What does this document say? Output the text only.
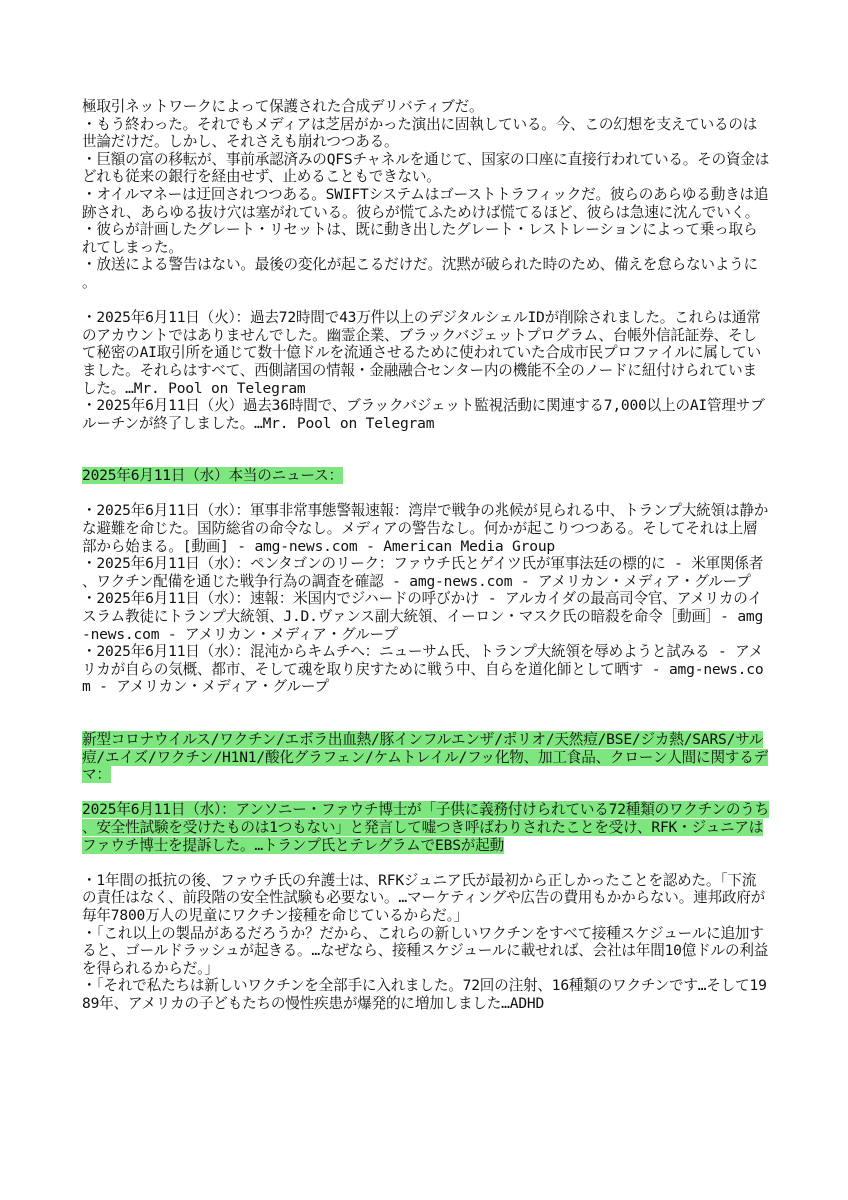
極取引ネットワークによって保護された合成デリバティブだ。

・もう終わった。それでもメディアは芝居がかった演出に固執している。今、この幻想を支えているのは世論だけだ。しかし、それさえも崩れつつある。

・巨額の富の移転が、事前承認済みのQFSチャネルを通じて、国家の口座に直接行われている。その資金はどれも従来の銀行を経由せず、止めることもできない。

・オイルマネーは迂回されつつある。SWIFTシステムはゴーストトラフィックだ。彼らのあらゆる動きは追跡され、あらゆる抜け穴は塞がれている。彼らが慌てふためけば慌てるほど、彼らは急速に沈んでいく。

・彼らが計画したグレート・リセットは、既に動き出したグレート・レストレーションによって乗っ取られてしまった。

・放送による警告はない。最後の変化が起こるだけだ。沈黙が破られた時のため、備えを怠らないように。

・2025年6月11日（火）：過去72時間で43万件以上のデジタルシェルIDが削除されました。これらは通常のアカウントではありませんでした。幽霊企業、ブラックバジェットプログラム、台帳外信託証券、そして秘密のAI取引所を通じて数十億ドルを流通させるために使われていた合成市民プロファイルに属していました。それらはすべて、西側諸国の情報・金融融合センター内の機能不全のノードに紐付けられていました。…Mr. Pool on Telegram

・2025年6月11日（火）過去36時間で、ブラックバジェット監視活動に関連する7,000以上のAI管理サブルーチンが終了しました。…Mr. Pool on Telegram

2025年6月11日（水）本当のニュース：

・2025年6月11日（水）：軍事非常事態警報速報：湾岸で戦争の兆候が見られる中、トランプ大統領は静かな避難を命じた。国防総省の命令なし。メディアの警告なし。何かが起こりつつある。そしてそれは上層部から始まる。[動画] - amg-news.com - American Media Group

・2025年6月11日（水）：ペンタゴンのリーク：ファウチ氏とゲイツ氏が軍事法廷の標的に - 米軍関係者、ワクチン配備を通じた戦争行為の調査を確認 - amg-news.com - アメリカン・メディア・グループ

・2025年6月11日（水）：速報：米国内でジハードの呼びかけ - アルカイダの最高司令官、アメリカのイスラム教徒にトランプ大統領、J.D.ヴァンス副大統領、イーロン・マスク氏の暗殺を命令［動画］- amg-news.com - アメリカン・メディア・グループ

・2025年6月11日（水）：混沌からキムチへ：ニューサム氏、トランプ大統領を辱めようと試みる - アメリカが自らの気概、都市、そして魂を取り戻すために戦う中、自らを道化師として晒す - amg-news.com - アメリカン・メディア・グループ

新型コロナウイルス/ワクチン/エボラ出血熱/豚インフルエンザ/ポリオ/天然痘/BSE/ジカ熱/SARS/サル痘/エイズ/ワクチン/H1N1/酸化グラフェン/ケムトレイル/フッ化物、加工食品、クローン人間に関するデマ：

2025年6月11日（水）：アンソニー・ファウチ博士が「子供に義務付けられている72種類のワクチンのうち、安全性試験を受けたものは1つもない」と発言して嘘つき呼ばわりされたことを受け、RFK・ジュニアはファウチ博士を提訴した。…トランプ氏とテレグラムでEBSが起動

・1年間の抵抗の後、ファウチ氏の弁護士は、RFKジュニア氏が最初から正しかったことを認めた。「下流の責任はなく、前段階の安全性試験も必要ない。…マーケティングや広告の費用もかからない。連邦政府が毎年7800万人の児童にワクチン接種を命じているからだ。」

・「これ以上の製品があるだろうか？だから、これらの新しいワクチンをすべて接種スケジュールに追加すると、ゴールドラッシュが起きる。…なぜなら、接種スケジュールに載せれば、会社は年間10億ドルの利益を得られるからだ。」

・「それで私たちは新しいワクチンを全部手に入れました。72回の注射、16種類のワクチンです…そして1989年、アメリカの子どもたちの慢性疾患が爆発的に増加しました…ADHD
